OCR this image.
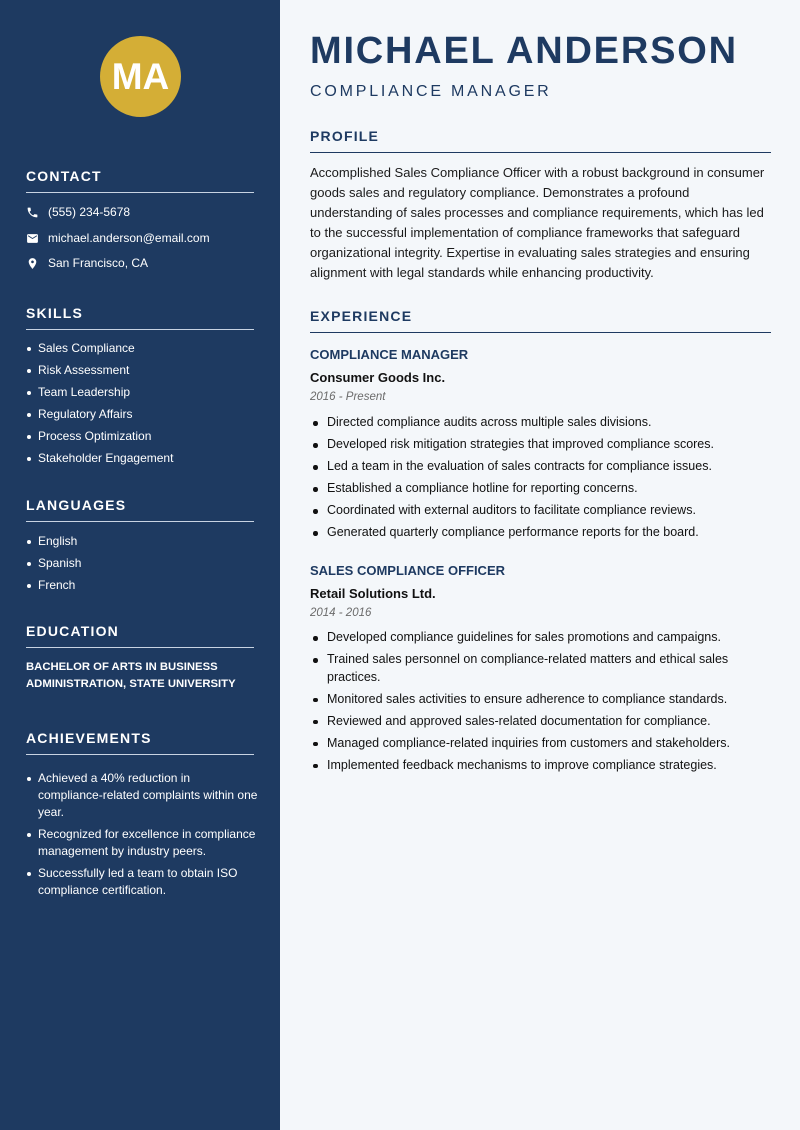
MA
CONTACT
(555) 234-5678
michael.anderson@email.com
San Francisco, CA
SKILLS
Sales Compliance
Risk Assessment
Team Leadership
Regulatory Affairs
Process Optimization
Stakeholder Engagement
LANGUAGES
English
Spanish
French
EDUCATION
BACHELOR OF ARTS IN BUSINESS ADMINISTRATION, STATE UNIVERSITY
ACHIEVEMENTS
Achieved a 40% reduction in compliance-related complaints within one year.
Recognized for excellence in compliance management by industry peers.
Successfully led a team to obtain ISO compliance certification.
MICHAEL ANDERSON
COMPLIANCE MANAGER
PROFILE

Accomplished Sales Compliance Officer with a robust background in consumer goods sales and regulatory compliance. Demonstrates a profound understanding of sales processes and compliance requirements, which has led to the successful implementation of compliance frameworks that safeguard organizational integrity. Expertise in evaluating sales strategies and ensuring alignment with legal standards while enhancing productivity.

EXPERIENCE
COMPLIANCE MANAGER
Consumer Goods Inc.
2016 - Present
Directed compliance audits across multiple sales divisions.
Developed risk mitigation strategies that improved compliance scores.
Led a team in the evaluation of sales contracts for compliance issues.
Established a compliance hotline for reporting concerns.
Coordinated with external auditors to facilitate compliance reviews.
Generated quarterly compliance performance reports for the board.
SALES COMPLIANCE OFFICER
Retail Solutions Ltd.
2014 - 2016
Developed compliance guidelines for sales promotions and campaigns.
Trained sales personnel on compliance-related matters and ethical sales practices.
Monitored sales activities to ensure adherence to compliance standards.
Reviewed and approved sales-related documentation for compliance.
Managed compliance-related inquiries from customers and stakeholders.
Implemented feedback mechanisms to improve compliance strategies.
